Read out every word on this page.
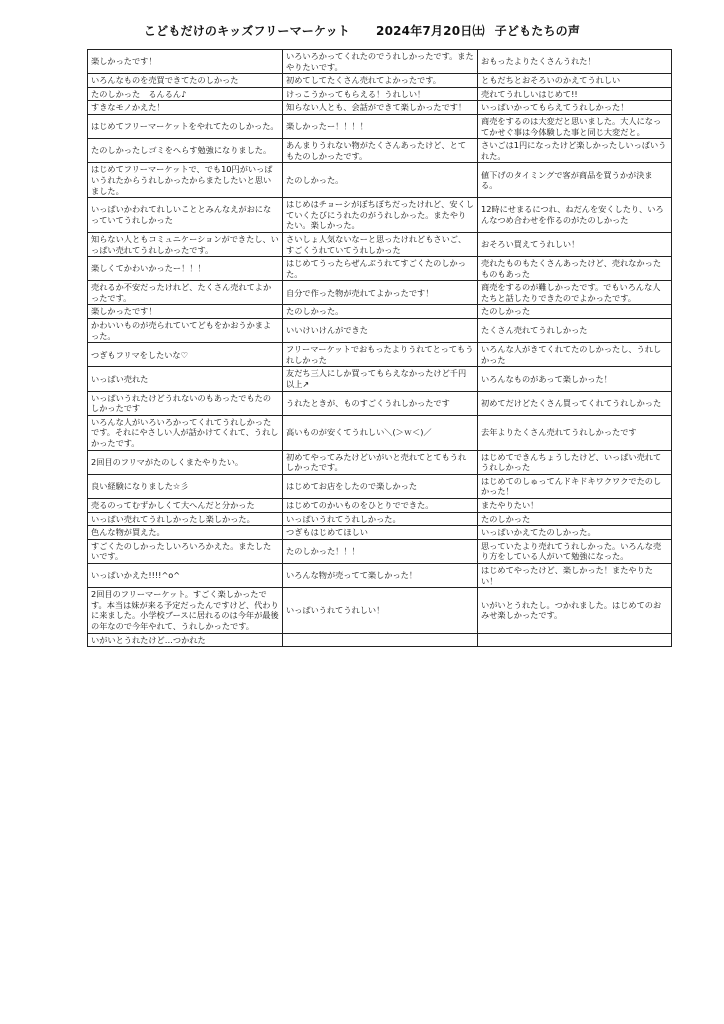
こどもだけのキッズフリーマーケット 2024年7月20日㈯ 子どもたちの声
楽しかったです！	いろいろかってくれたのでうれしかったです。またやりたいです。	おもったよりたくさんうれた！
いろんなものを売買できてたのしかった	初めてしてたくさん売れてよかったです。	ともだちとおそろいのかえてうれしい
たのしかった　るんるん♪	けっこうかってもらえる！うれしい！	売れてうれしいはじめて!!
すきなモノかえた！	知らない人とも、会話ができて楽しかったです！	いっぱいかってもらえてうれしかった！
はじめてフリーマーケットをやれてたのしかった。	楽しかったー！！！！	商売をするのは大変だと思いました。大人になってかせぐ事は今体験した事と同じ大変だと。
たのしかったしゴミをへらす勉強になりました。	あんまりうれない物がたくさんあったけど、とてもたのしかったです。	さいごは1円になったけど楽しかったしいっぱいうれた。
はじめてフリーマーケットで、でも10円がいっぱいうれたからうれしかったからまたしたいと思いました。	たのしかった。	値下げのタイミングで客が商品を買うかが決まる。
いっぱいかわれてれしいこととみんなえがおになっていてうれしかった	はじめはチョーシがぼちぼちだったけれど、安くしていくたびにうれたのがうれしかった。またやりたい。楽しかった。	12時にせまるにつれ、ねだんを安くしたり、いろんなつめ合わせを作るのがたのしかった
知らない人ともコミュニケーションができたし、いっぱい売れてうれしかったです。	さいしょ人気ないなーと思ったけれどもさいご、すごくうれていてうれしかった	おそろい買えてうれしい！
楽しくてかわいかったー！！！	はじめてうったらぜんぶうれてすごくたのしかった。	売れたものもたくさんあったけど、売れなかったものもあった
売れるか不安だったけれど、たくさん売れてよかったです。	自分で作った物が売れてよかったです！	商売をするのが難しかったです。でもいろんな人たちと話したりできたのでよかったです。
楽しかったです！	たのしかった。	たのしかった
かわいいものが売られていてどもをかおうかまよった。	いいけいけんができた	たくさん売れてうれしかった
つぎもフリマをしたいな♡	フリーマーケットでおもったよりうれてとってもうれしかった	いろんな人がきてくれてたのしかったし、うれしかった
いっぱい売れた	友だち三人にしか買ってもらえなかったけど千円以上↗	いろんなものがあって楽しかった！
いっぱいうれたけどうれないのもあったでもたのしかったです	うれたときが、ものすごくうれしかったです	初めてだけどたくさん買ってくれてうれしかった
いろんな人がいろいろかってくれてうれしかったです。それにやさしい人が話かけてくれて、うれしかったです。	高いものが安くてうれしい＼(＞ｗ＜)／	去年よりたくさん売れてうれしかったです
2回目のフリマがたのしくまたやりたい。	初めてやってみたけどいがいと売れてとてもうれしかったです。	はじめてできんちょうしたけど、いっぱい売れてうれしかった
良い経験になりました☆彡	はじめてお店をしたので楽しかった	はじめてのしゅってんドキドキワクワクでたのしかった！
売るのってむずかしくて大へんだと分かった	はじめてのかいものをひとりでできた。	またやりたい！
いっぱい売れてうれしかったし楽しかった。	いっぱいうれてうれしかった。	たのしかった
色んな物が買えた。	つぎもはじめてほしい	いっぱいかえてたのしかった。
すごくたのしかったしいろいろかえた。またしたいです。	たのしかった！！！	思っていたより売れてうれしかった。いろんな売り方をしている人がいて勉強になった。
いっぱいかえた!!!!^o^	いろんな物が売ってて楽しかった！	はじめてやったけど、楽しかった！またやりたい！
2回目のフリーマーケット。すごく楽しかったです。本当は妹が来る予定だったんですけど、代わりに来ました。小学校ブースに居れるのは今年が最後の年なので今年やれて、うれしかったです。	いっぱいうれてうれしい！	いがいとうれたし。つかれました。はじめてのおみせ楽しかったです。
いがいとうれたけど…つかれた		
